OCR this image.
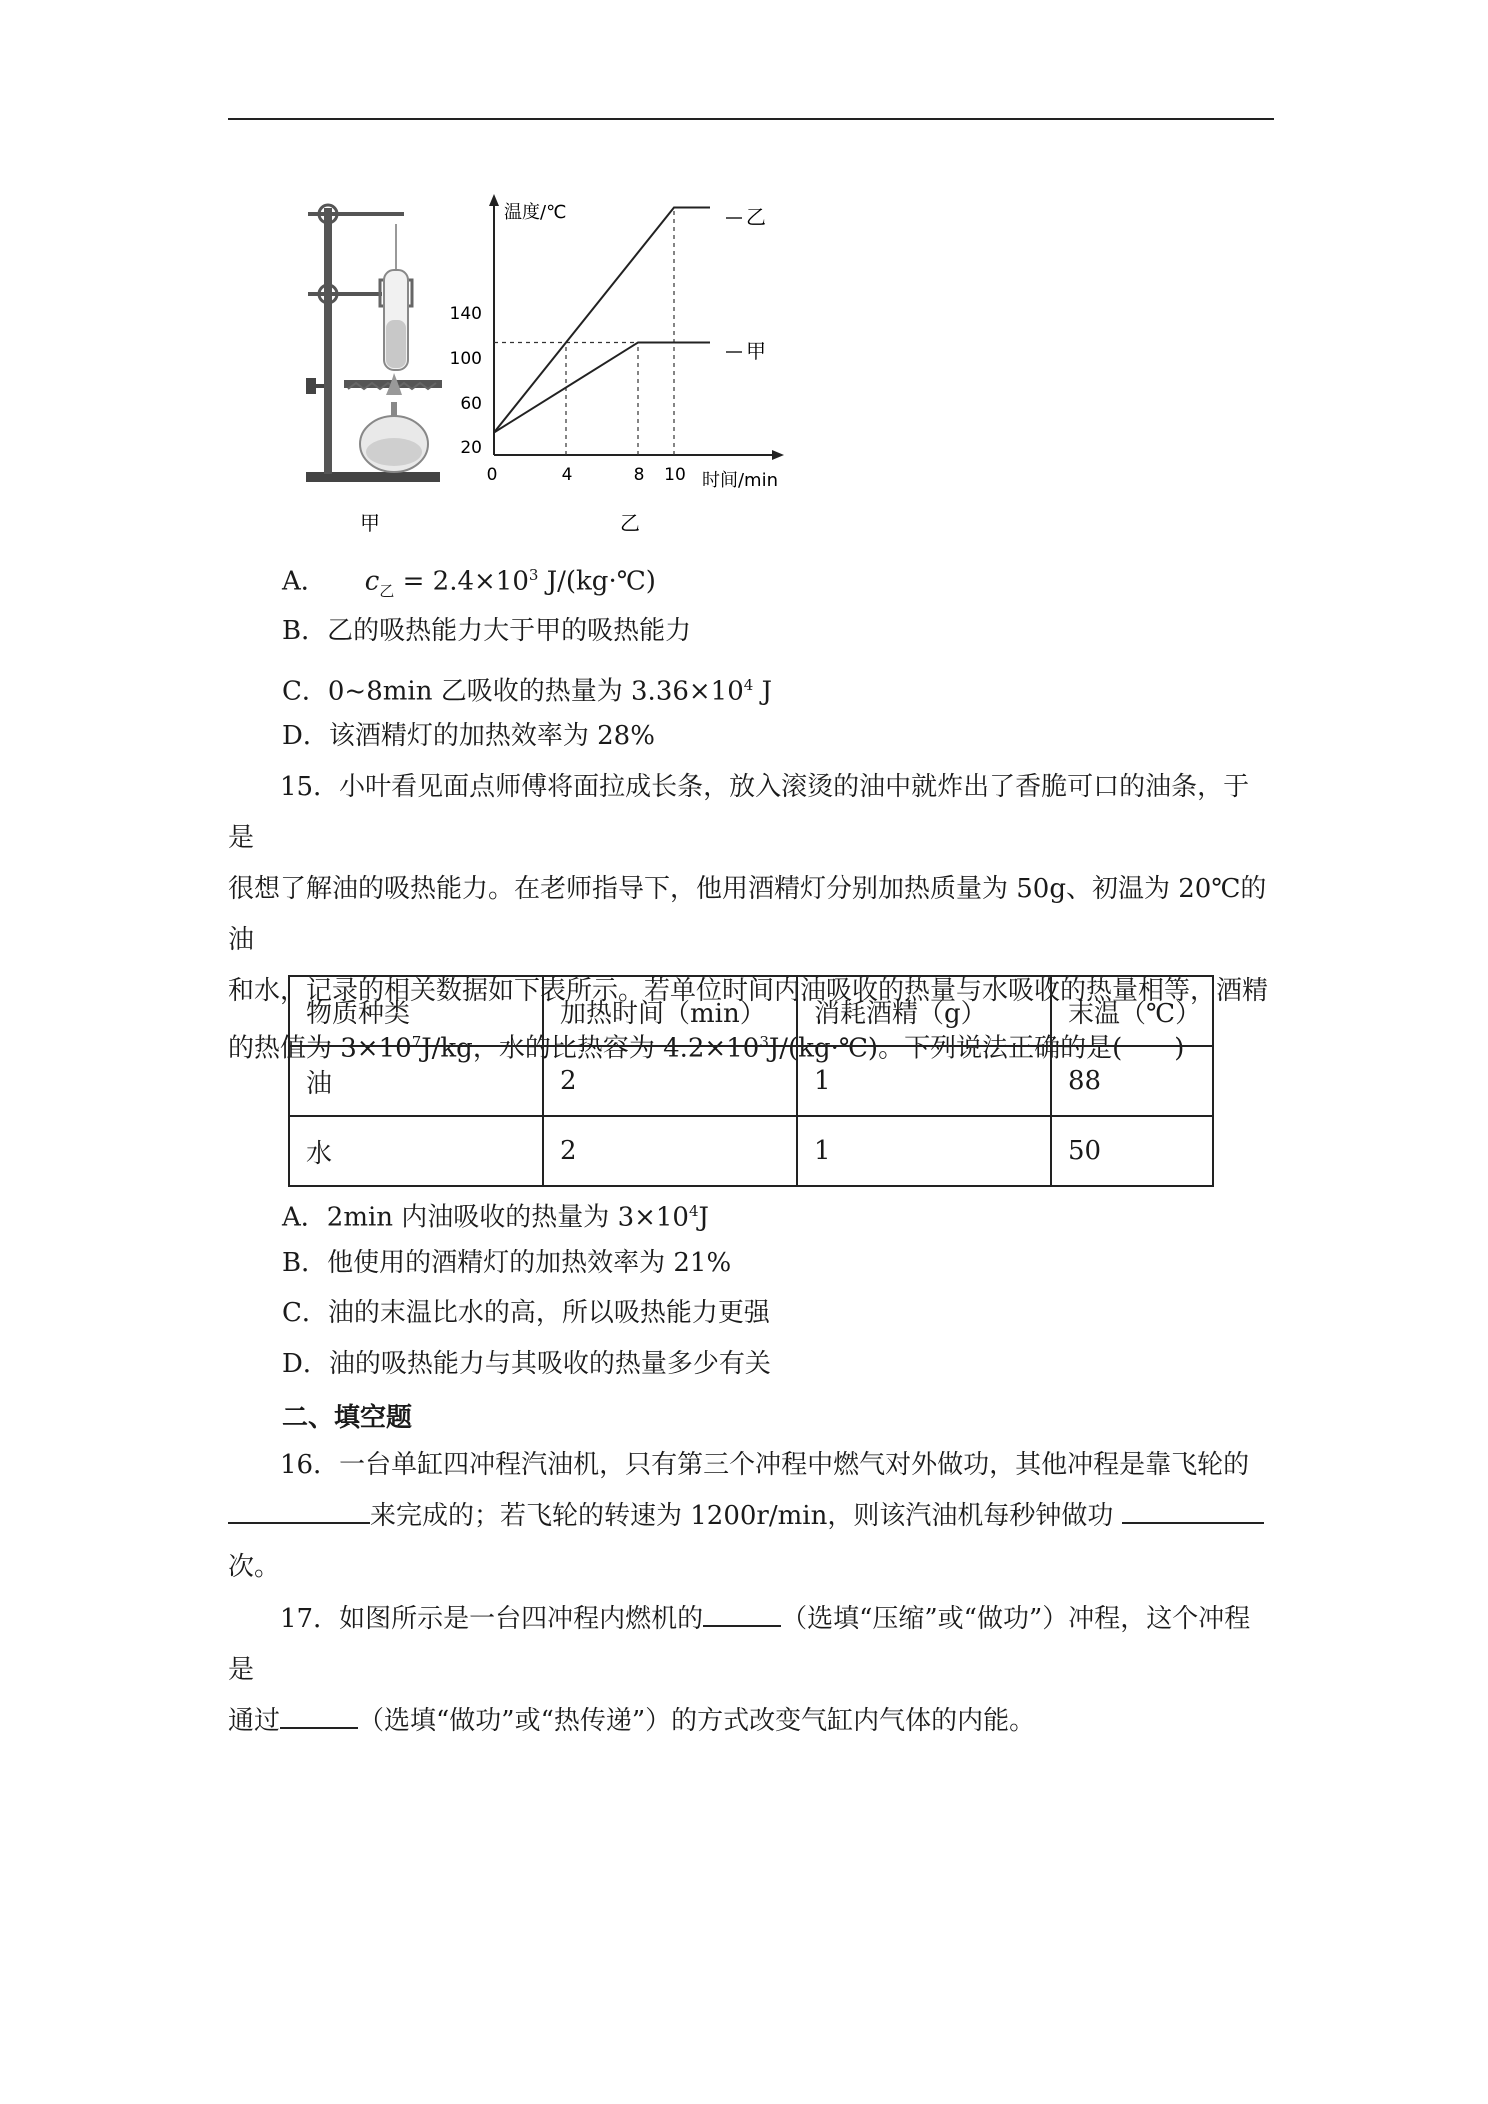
甲
温度/℃
时间/min
0
140
100
60
20
4	8 10
乙
甲
乙
A． $c_乙 = 2.4\times 10^3$ J/(kg·℃)
B．乙的吸热能力大于甲的吸热能力
C．0~8min 乙吸收的热量为 $3.36\times 10^4$ J
D．该酒精灯的加热效率为 28%

15．小叶看见面点师傅将面拉成长条，放入滚烫的油中就炸出了香脆可口的油条，于是

很想了解油的吸热能力。在老师指导下，他用酒精灯分别加热质量为 50g、初温为 20℃的油

和水，记录的相关数据如下表所示。若单位时间内油吸收的热量与水吸收的热量相等，酒精

的热值为 $3\times 10^7J/kg$，水的比热容为 $4.2\times 10^3J/(kg\cdot℃)$。下列说法正确的是(　　)

物质种类	加热时间（min）	消耗酒精（g）	末温（℃）
油	2	1	88
水	2	1	50
A．2min 内油吸收的热量为 $3\times 10^4J$
B．他使用的酒精灯的加热效率为 21%
C．油的末温比水的高，所以吸热能力更强
D．油的吸热能力与其吸收的热量多少有关
二、填空题

16．一台单缸四冲程汽油机，只有第三个冲程中燃气对外做功，其他冲程是靠飞轮的

来完成的；若飞轮的转速为 1200r/min，则该汽油机每秒钟做功

次。

17．如图所示是一台四冲程内燃机的	（选填“压缩”或“做功”）冲程，这个冲程是

通过	（选填“做功”或“热传递”）的方式改变气缸内气体的内能。
